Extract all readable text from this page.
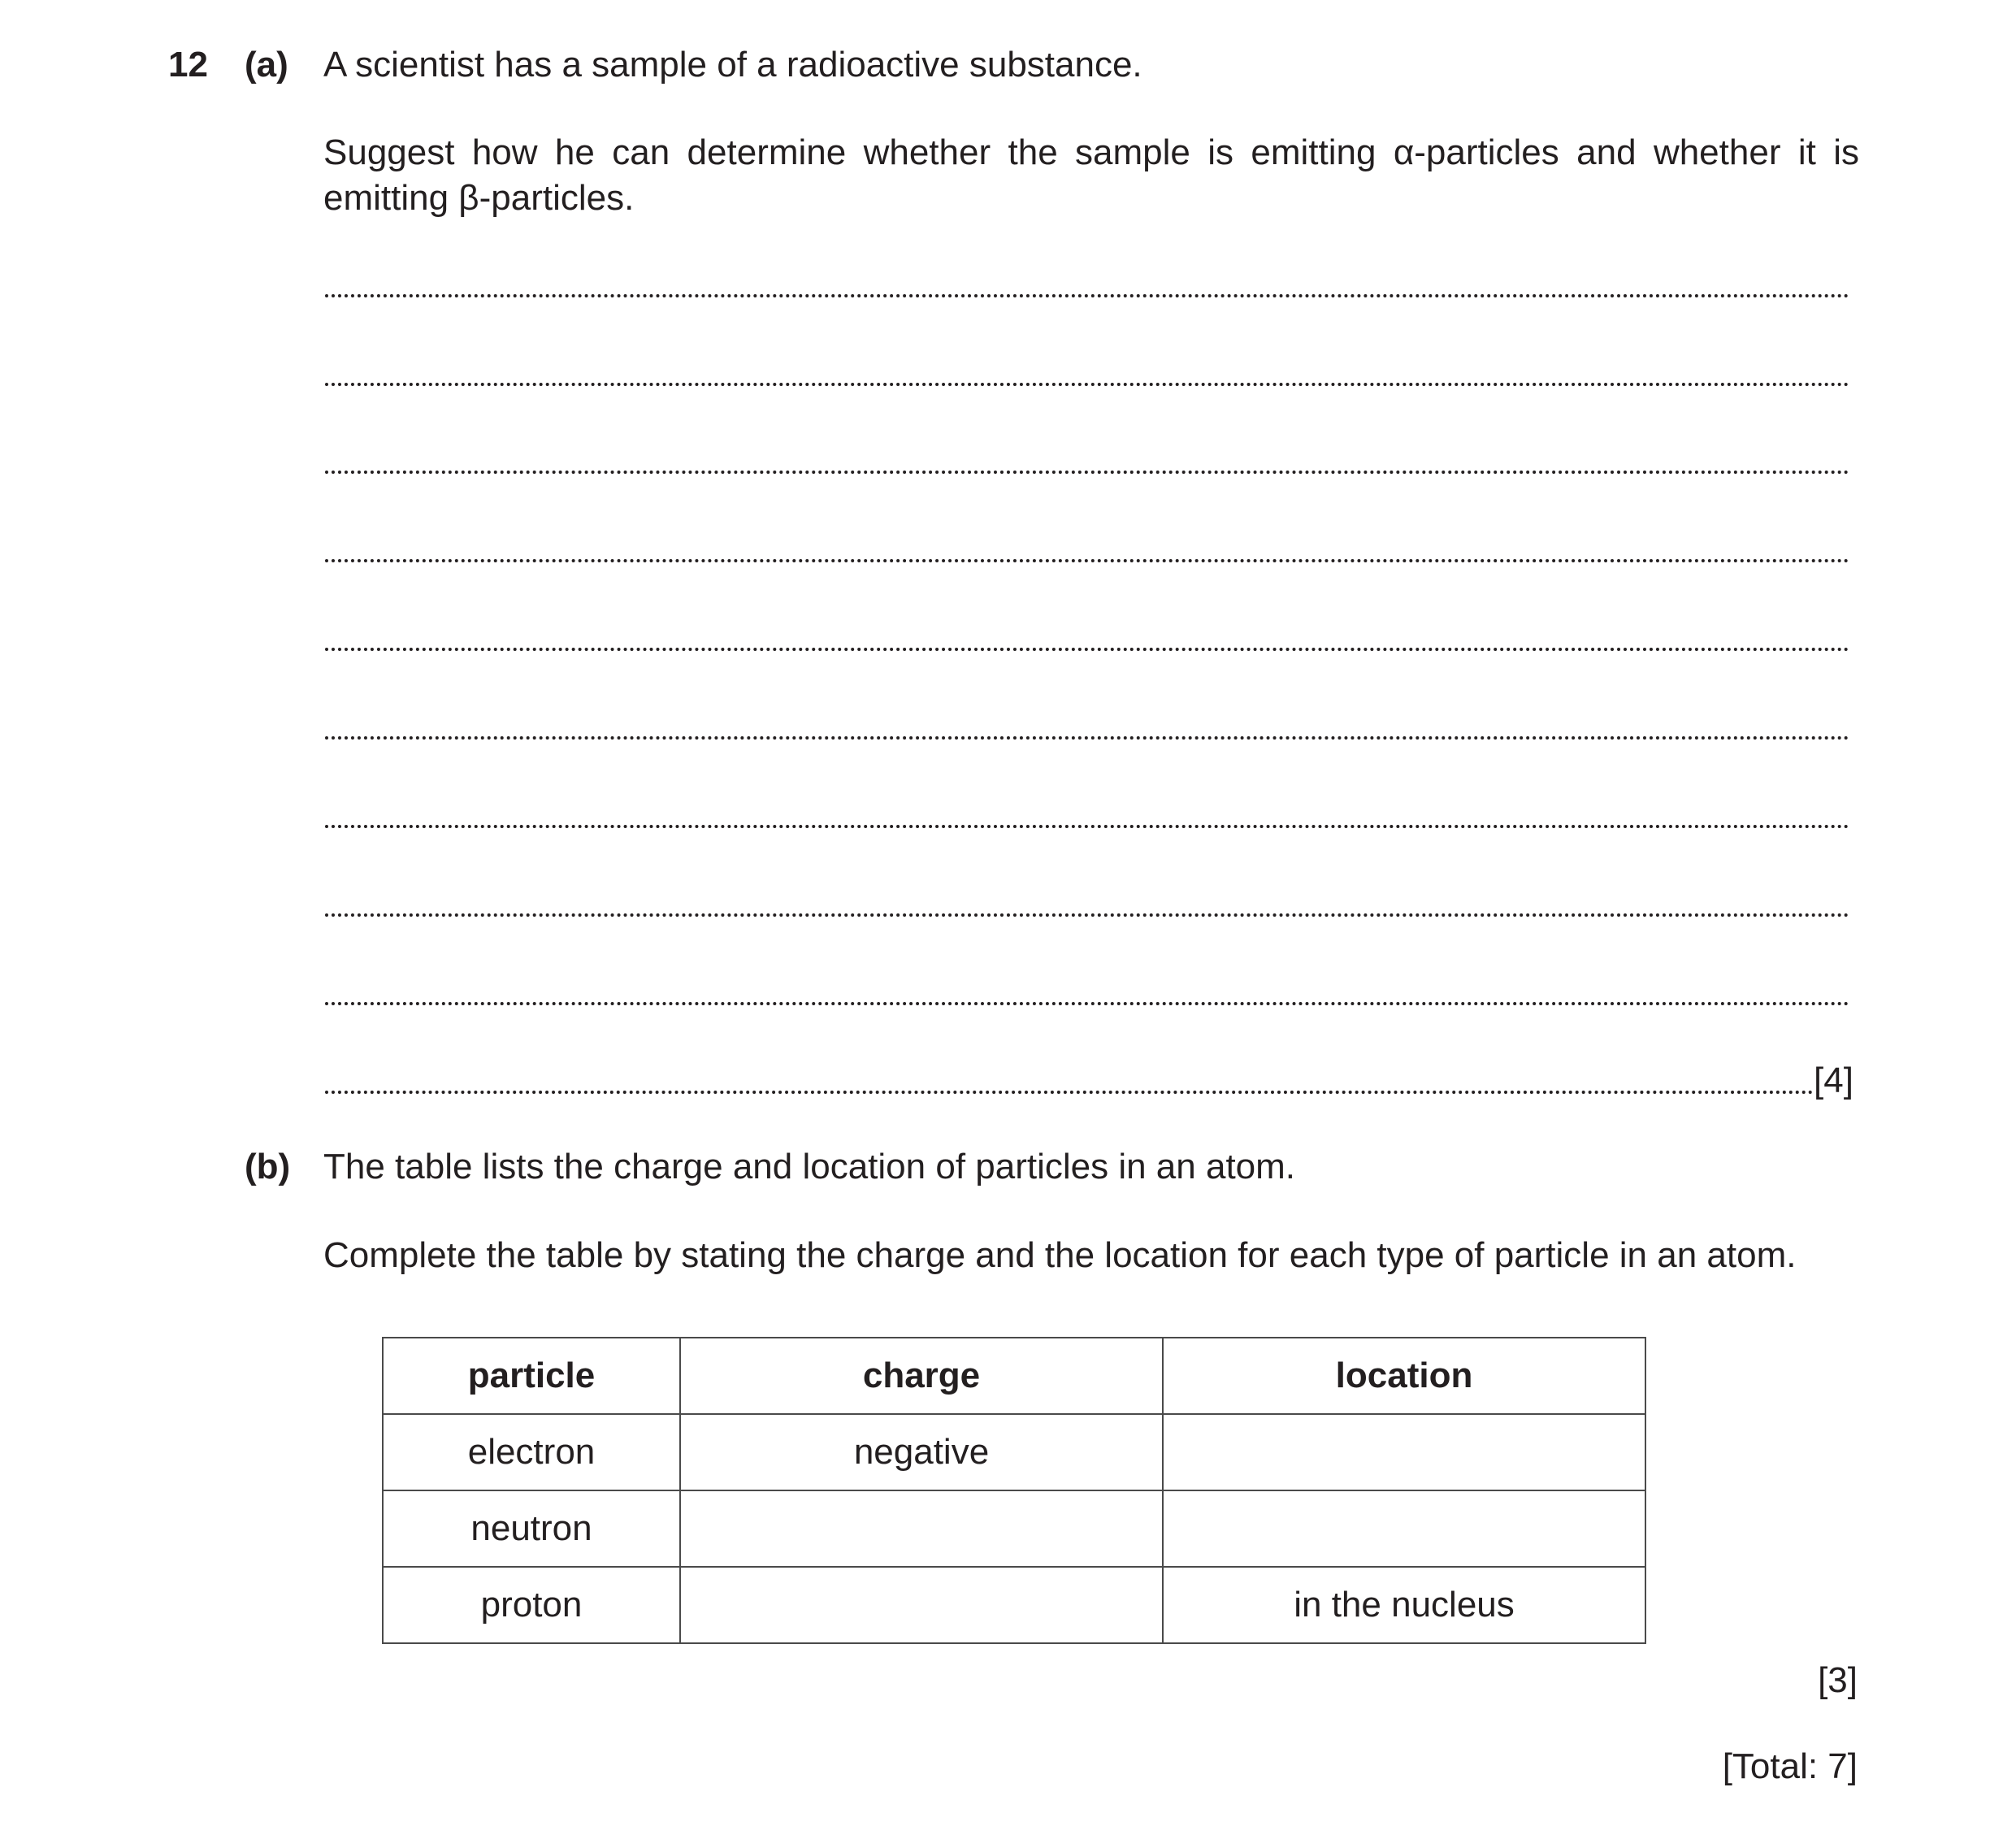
12 (a) A scientist has a sample of a radioactive substance.
Suggest how he can determine whether the sample is emitting α-particles and whether it is emitting β-particles.
[4]
(b) The table lists the charge and location of particles in an atom.
Complete the table by stating the charge and the location for each type of particle in an atom.
particle	charge	location
electron	negative	
neutron		
proton		in the nucleus
[3]
[Total: 7]
